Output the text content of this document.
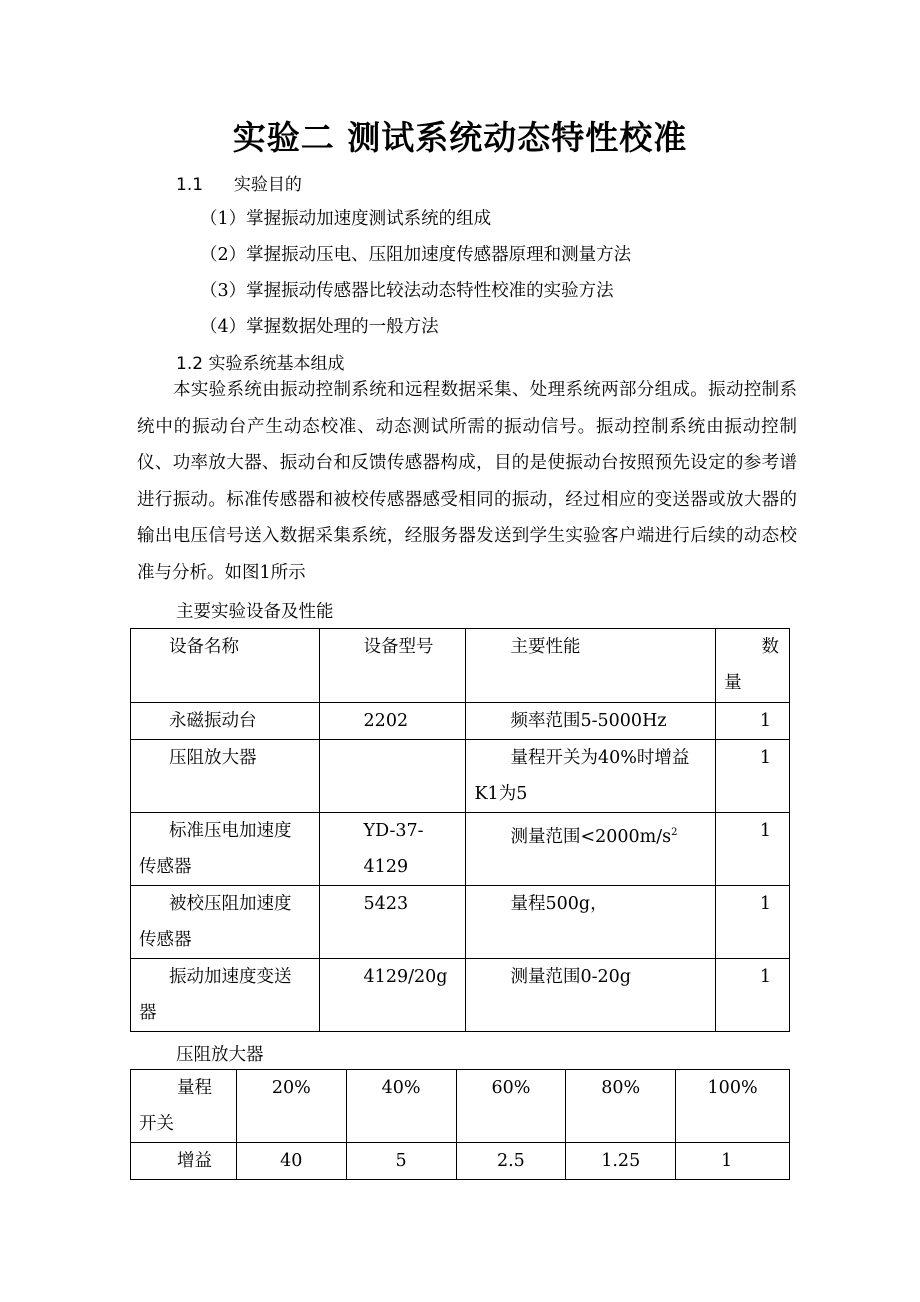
实验二 测试系统动态特性校准
1.1 实验目的
（1）掌握振动加速度测试系统的组成
（2）掌握振动压电、压阻加速度传感器原理和测量方法
（3）掌握振动传感器比较法动态特性校准的实验方法
（4）掌握数据处理的一般方法
1.2 实验系统基本组成
本实验系统由振动控制系统和远程数据采集、处理系统两部分组成。振动控制系统中的振动台产生动态校准、动态测试所需的振动信号。振动控制系统由振动控制仪、功率放大器、振动台和反馈传感器构成，目的是使振动台按照预先设定的参考谱进行振动。标准传感器和被校传感器感受相同的振动，经过相应的变送器或放大器的输出电压信号送入数据采集系统，经服务器发送到学生实验客户端进行后续的动态校准与分析。如图1所示
主要实验设备及性能
设备名称	设备型号	主要性能	数
量

永磁振动台	2202	频率范围5-5000Hz	1
压阻放大器		量程开关为40%时增益
K1为5	1

标准压电加速度
传感器	YD-37-4129	测量范围$<2000m/s^2$	1

被校压阻加速度
传感器	5423	量程500g，	1

振动加速度变送
器	4129/20g	测量范围0-20g	1
压阻放大器
量程
开关	20%	40%	60%	80%	100%
增益	40	5	2.5	1.25	1
